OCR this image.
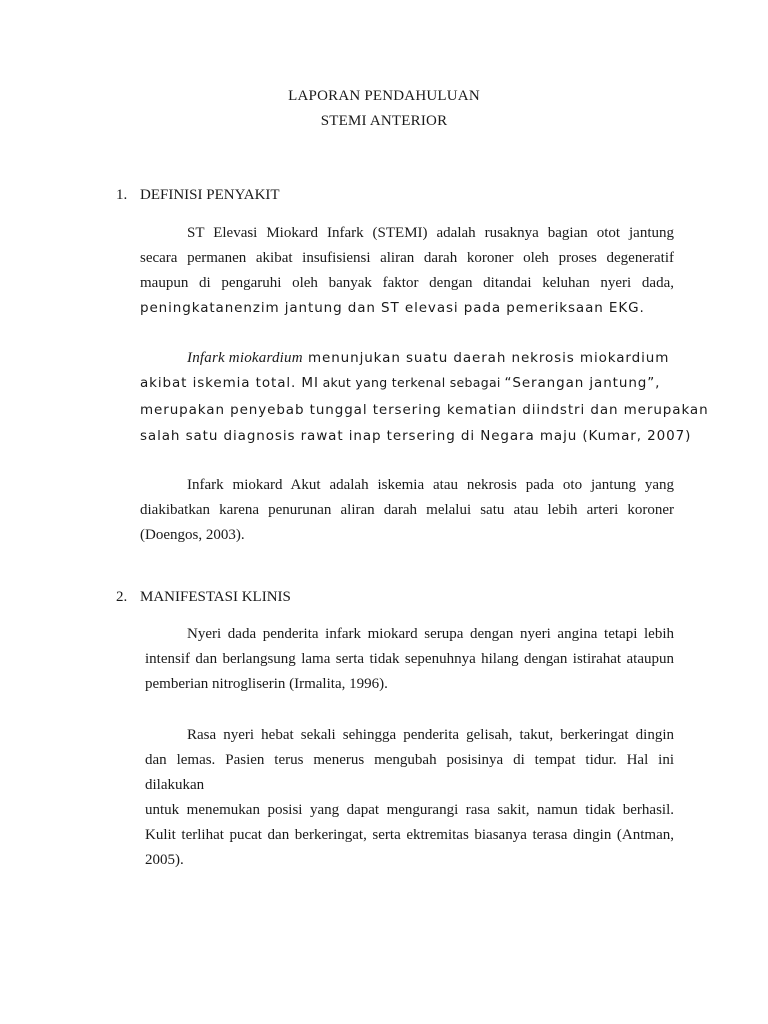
LAPORAN PENDAHULUAN
STEMI ANTERIOR
1. DEFINISI PENYAKIT
ST Elevasi Miokard Infark (STEMI) adalah rusaknya bagian otot jantung
secara permanen akibat insufisiensi aliran darah koroner oleh proses degeneratif
maupun di pengaruhi oleh banyak faktor dengan ditandai keluhan nyeri dada,
peningkatanenzim jantung dan ST elevasi pada pemeriksaan EKG.
Infark miokardium menunjukan suatu daerah nekrosis miokardium
akibat iskemia total. MI akut yang terkenal sebagai “Serangan jantung”,
merupakan penyebab tunggal tersering kematian diindstri dan merupakan
salah satu diagnosis rawat inap tersering di Negara maju (Kumar, 2007)
Infark miokard Akut adalah iskemia atau nekrosis pada oto jantung yang
diakibatkan karena penurunan aliran darah melalui satu atau lebih arteri koroner
(Doengos, 2003).
2. MANIFESTASI KLINIS
Nyeri dada penderita infark miokard serupa dengan nyeri angina tetapi lebih
intensif dan berlangsung lama serta tidak sepenuhnya hilang dengan istirahat ataupun
pemberian nitrogliserin (Irmalita, 1996).
Rasa nyeri hebat sekali sehingga penderita gelisah, takut, berkeringat dingin
dan lemas. Pasien terus menerus mengubah posisinya di tempat tidur. Hal ini
dilakukan
untuk menemukan posisi yang dapat mengurangi rasa sakit, namun tidak berhasil.
Kulit terlihat pucat dan berkeringat, serta ektremitas biasanya terasa dingin (Antman,
2005).
